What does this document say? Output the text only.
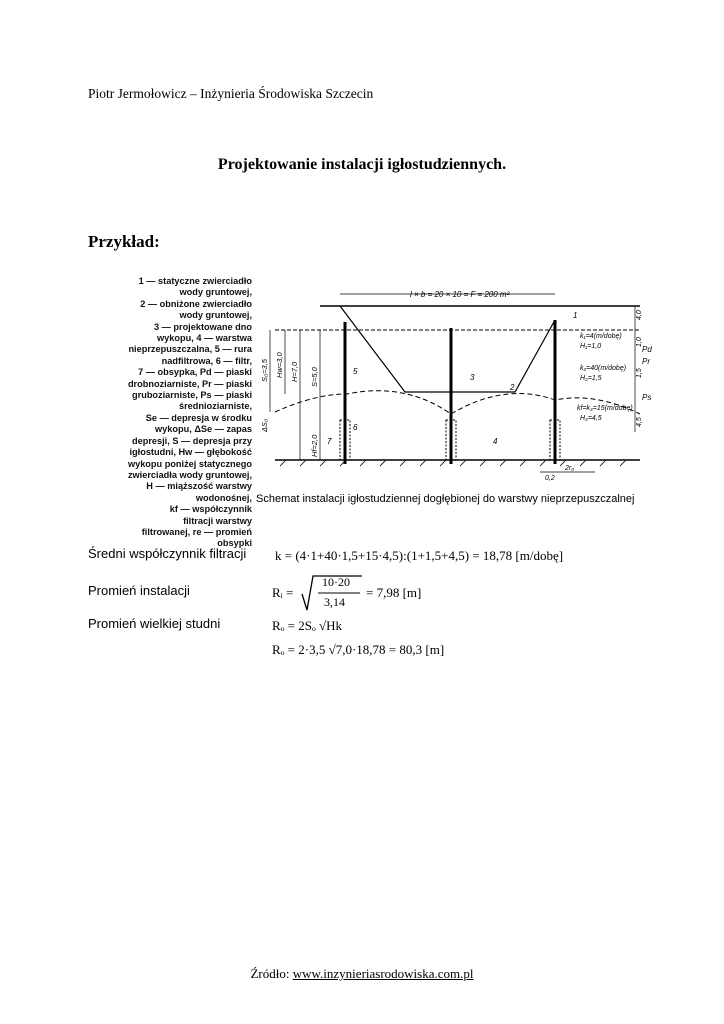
Piotr Jermołowicz – Inżynieria Środowiska Szczecin
Projektowanie instalacji igłostudziennych.
Przykład:
1 — statyczne zwierciadło
wody gruntowej,
2 — obniżone zwierciadło
wody gruntowej,
3 — projektowane dno
wykopu, 4 — warstwa
nieprzepuszczalna, 5 — rura
nadfiltrowa, 6 — filtr,
7 — obsypka, Pd — piaski
drobnoziarniste, Pr — piaski
gruboziarniste, Ps — piaski
średnioziarniste,
Se — depresja w środku
wykopu, ΔSe — zapas
depresji, S — depresja przy
igłostudni, Hw — głębokość
wykopu poniżej statycznego
zwierciadła wody gruntowej,
H — miąższość warstwy
wodonośnej,
kf — współczynnik
filtracji warstwy
filtrowanej, re — promień
obsypki
l × b = 20 × 10 = F = 200 m²
S₀=3,5 Hw=3,0 H=7,0 S=5,0
ΔS₀
Hf=2,0
1
2
3
4
5
6
7
k₁=4(m/dobę)
H₁=1,0
k₂=40(m/dobę)
H₂=1,5
kf=k₃=15(m/dobę)
H₃=4,5
1,0
4,0
1,5
4,5
Pd
Pr
Ps
0,2
2r₀
Schemat instalacji igłostudziennej dogłębionej do warstwy nieprzepuszczalnej
Średni współczynnik filtracji k = (4·1+40·1,5+15·4,5):(1+1,5+4,5) = 18,78 [m/dobę]
Promień instalacji	Rᵢ =
10·20
3,14
= 7,98 [m]
Promień wielkiej studni	Rₒ = 2Sₒ √Hk
Rₒ = 2·3,5 √7,0·18,78 = 80,3 [m]
Źródło: www.inzynieriasrodowiska.com.pl
